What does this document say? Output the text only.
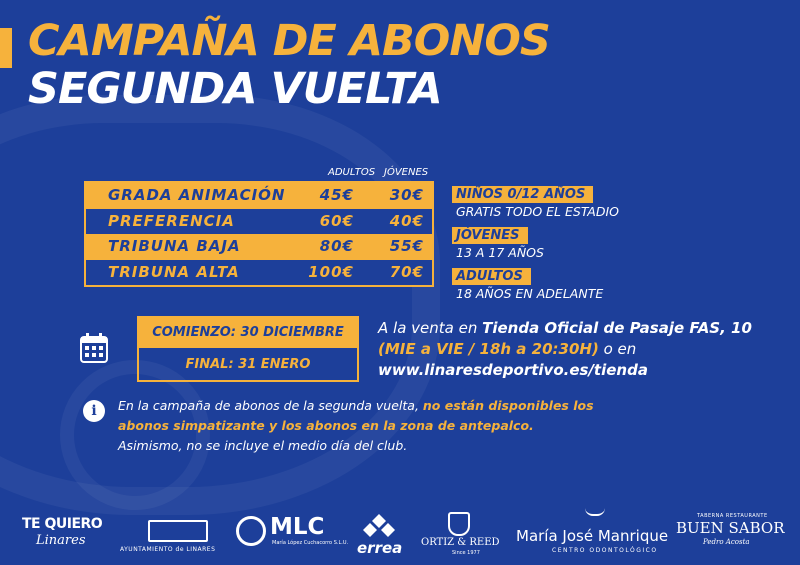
CAMPAÑA DE ABONOS
SEGUNDA VUELTA
ADULTOS JÓVENES
GRADA ANIMACIÓN 45€ 30€
PREFERENCIA	60€ 40€
TRIBUNA BAJA	80€ 55€
TRIBUNA ALTA	100€ 70€
NIÑOS 0/12 AÑOS
GRATIS TODO EL ESTADIO
JÓVENES
13 A 17 AÑOS
ADULTOS
18 AÑOS EN ADELANTE
COMIENZO: 30 DICIEMBRE
FINAL: 31 ENERO
A la venta en Tienda Oficial de Pasaje FAS, 10 (MIE a VIE / 18h a 20:30H) o en
www.linaresdeportivo.es/tienda
i	En la campaña de abonos de la segunda vuelta, no están disponibles los abonos simpatizante y los abonos en la zona de antepalco. Asimismo, no se incluye el medio día del club.
TE QUIERO
Linares
AYUNTAMIENTO de LINARES
MLC
María López Cuchacorro S.L.U. errea ORTIZ & REED
Since 1977
María José Manrique
CENTRO ODONTOLÓGICO
TABERNA RESTAURANTE
BUEN SABOR
Pedro Acosta
